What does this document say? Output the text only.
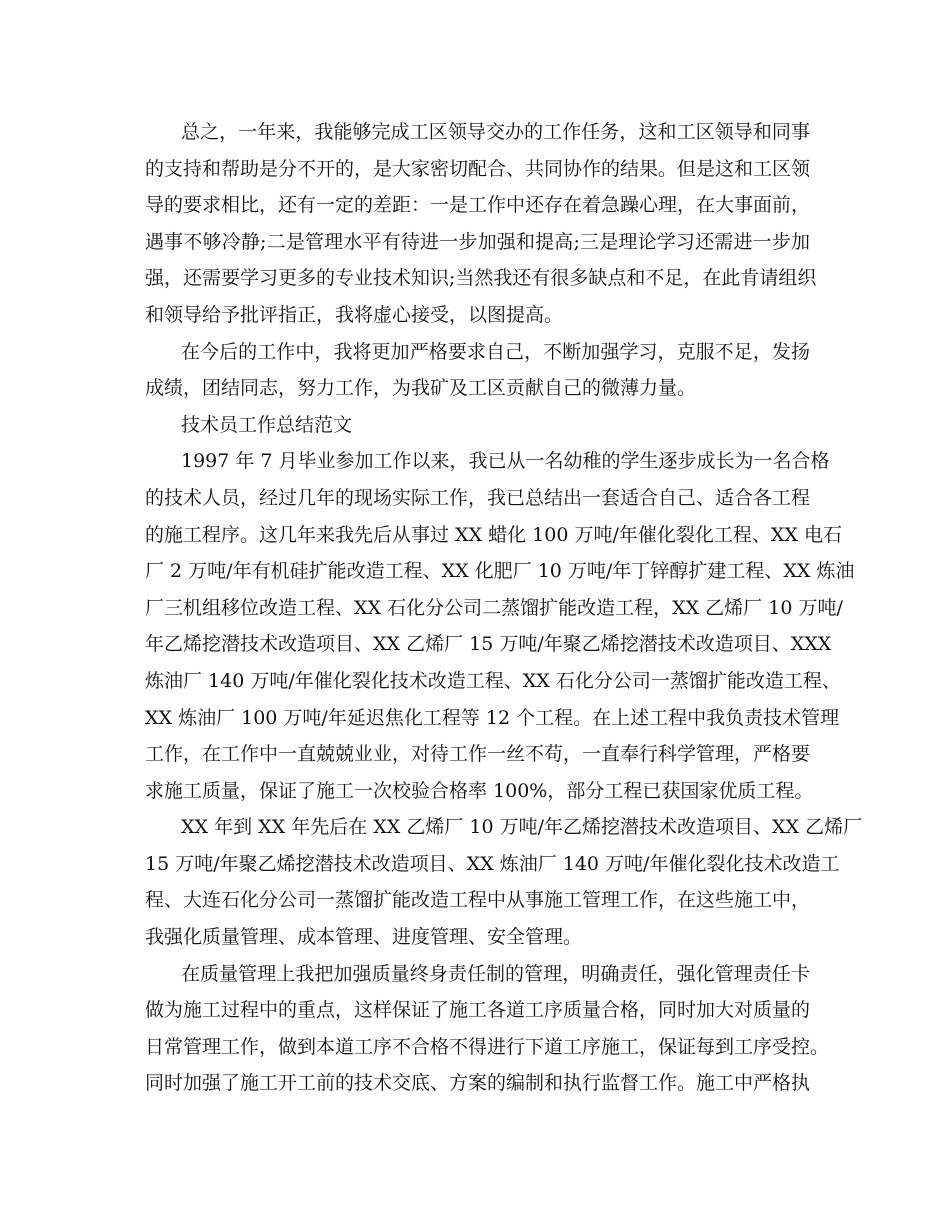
总之，一年来，我能够完成工区领导交办的工作任务，这和工区领导和同事
的支持和帮助是分不开的，是大家密切配合、共同协作的结果。但是这和工区领
导的要求相比，还有一定的差距：一是工作中还存在着急躁心理，在大事面前，
遇事不够冷静;二是管理水平有待进一步加强和提高;三是理论学习还需进一步加
强，还需要学习更多的专业技术知识;当然我还有很多缺点和不足，在此肯请组织
和领导给予批评指正，我将虚心接受，以图提高。
在今后的工作中，我将更加严格要求自己，不断加强学习，克服不足，发扬
成绩，团结同志，努力工作，为我矿及工区贡献自己的微薄力量。
技术员工作总结范文
1997 年 7 月毕业参加工作以来，我已从一名幼稚的学生逐步成长为一名合格
的技术人员，经过几年的现场实际工作，我已总结出一套适合自己、适合各工程
的施工程序。这几年来我先后从事过 XX 蜡化 100 万吨/年催化裂化工程、XX 电石
厂 2 万吨/年有机硅扩能改造工程、XX 化肥厂 10 万吨/年丁锌醇扩建工程、XX 炼油
厂三机组移位改造工程、XX 石化分公司二蒸馏扩能改造工程，XX 乙烯厂 10 万吨/
年乙烯挖潜技术改造项目、XX 乙烯厂 15 万吨/年聚乙烯挖潜技术改造项目、XXX
炼油厂 140 万吨/年催化裂化技术改造工程、XX 石化分公司一蒸馏扩能改造工程、
XX 炼油厂 100 万吨/年延迟焦化工程等 12 个工程。在上述工程中我负责技术管理
工作，在工作中一直兢兢业业，对待工作一丝不苟，一直奉行科学管理，严格要
求施工质量，保证了施工一次校验合格率 100%，部分工程已获国家优质工程。
XX 年到 XX 年先后在 XX 乙烯厂 10 万吨/年乙烯挖潜技术改造项目、XX 乙烯厂
15 万吨/年聚乙烯挖潜技术改造项目、XX 炼油厂 140 万吨/年催化裂化技术改造工
程、大连石化分公司一蒸馏扩能改造工程中从事施工管理工作，在这些施工中，
我强化质量管理、成本管理、进度管理、安全管理。
在质量管理上我把加强质量终身责任制的管理，明确责任，强化管理责任卡
做为施工过程中的重点，这样保证了施工各道工序质量合格，同时加大对质量的
日常管理工作，做到本道工序不合格不得进行下道工序施工，保证每到工序受控。
同时加强了施工开工前的技术交底、方案的编制和执行监督工作。施工中严格执
